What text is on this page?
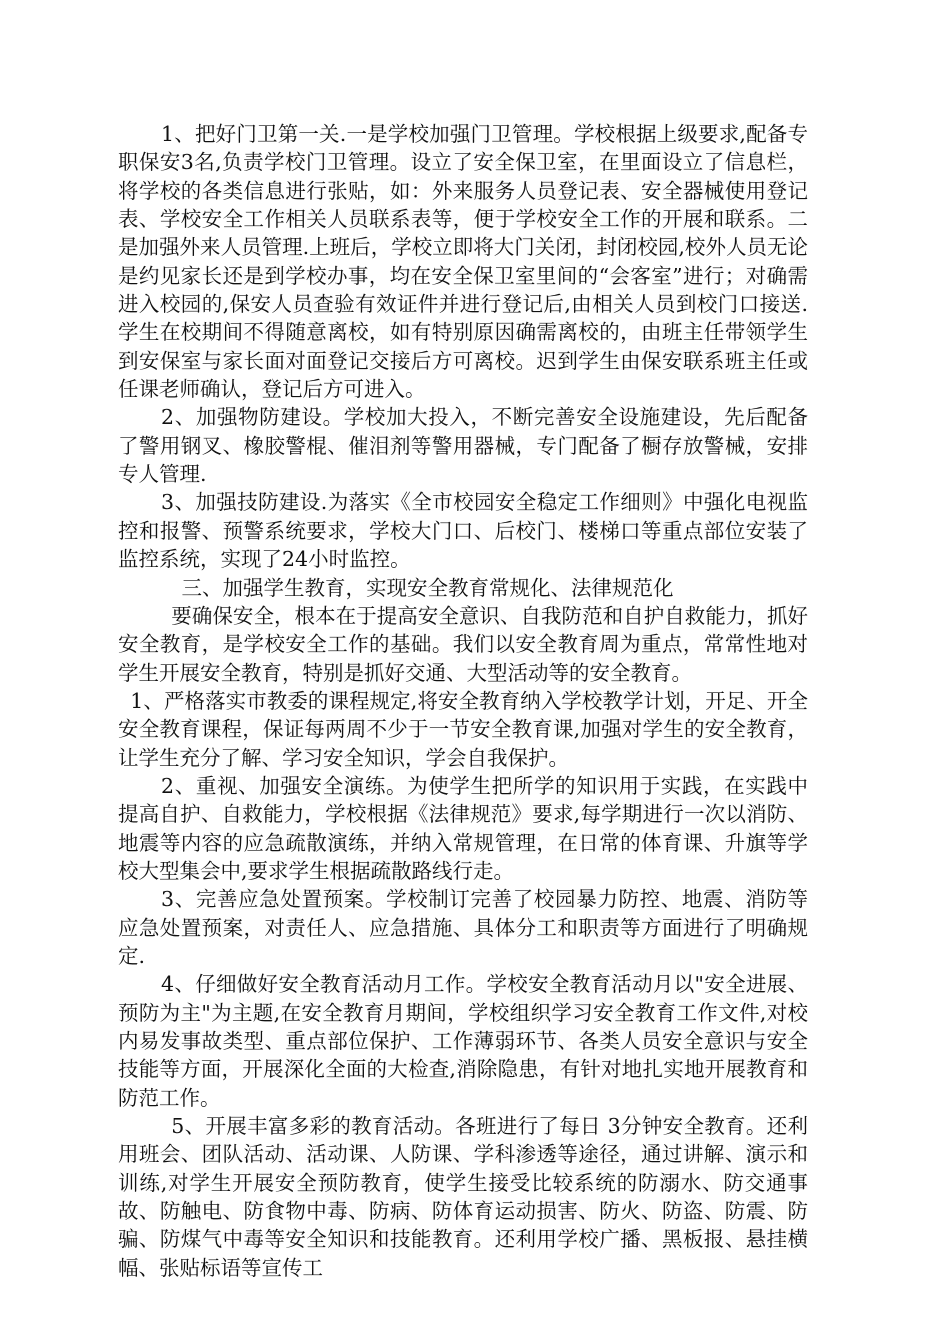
1、把好门卫第一关.一是学校加强门卫管理。学校根据上级要求,配备专职保安3名,负责学校门卫管理。设立了安全保卫室，在里面设立了信息栏，将学校的各类信息进行张贴，如：外来服务人员登记表、安全器械使用登记表、学校安全工作相关人员联系表等，便于学校安全工作的开展和联系。二是加强外来人员管理.上班后，学校立即将大门关闭，封闭校园,校外人员无论是约见家长还是到学校办事，均在安全保卫室里间的“会客室”进行；对确需进入校园的,保安人员查验有效证件并进行登记后,由相关人员到校门口接送.学生在校期间不得随意离校，如有特别原因确需离校的，由班主任带领学生到安保室与家长面对面登记交接后方可离校。迟到学生由保安联系班主任或任课老师确认，登记后方可进入。

2、加强物防建设。学校加大投入，不断完善安全设施建设，先后配备了警用钢叉、橡胶警棍、催泪剂等警用器械，专门配备了橱存放警械，安排专人管理.

3、加强技防建设.为落实《全市校园安全稳定工作细则》中强化电视监控和报警、预警系统要求，学校大门口、后校门、楼梯口等重点部位安装了监控系统，实现了24小时监控。

三、加强学生教育，实现安全教育常规化、法律规范化

要确保安全，根本在于提高安全意识、自我防范和自护自救能力，抓好安全教育，是学校安全工作的基础。我们以安全教育周为重点，常常性地对学生开展安全教育，特别是抓好交通、大型活动等的安全教育。

1、严格落实市教委的课程规定,将安全教育纳入学校教学计划，开足、开全安全教育课程，保证每两周不少于一节安全教育课,加强对学生的安全教育，让学生充分了解、学习安全知识，学会自我保护。

2、重视、加强安全演练。为使学生把所学的知识用于实践，在实践中提高自护、自救能力，学校根据《法律规范》要求,每学期进行一次以消防、地震等内容的应急疏散演练，并纳入常规管理，在日常的体育课、升旗等学校大型集会中,要求学生根据疏散路线行走。

3、完善应急处置预案。学校制订完善了校园暴力防控、地震、消防等应急处置预案，对责任人、应急措施、具体分工和职责等方面进行了明确规定.

4、仔细做好安全教育活动月工作。学校安全教育活动月以"安全进展、预防为主"为主题,在安全教育月期间，学校组织学习安全教育工作文件,对校内易发事故类型、重点部位保护、工作薄弱环节、各类人员安全意识与安全技能等方面，开展深化全面的大检查,消除隐患，有针对地扎实地开展教育和防范工作。

5、开展丰富多彩的教育活动。各班进行了每日 3分钟安全教育。还利用班会、团队活动、活动课、人防课、学科渗透等途径，通过讲解、演示和训练,对学生开展安全预防教育，使学生接受比较系统的防溺水、防交通事故、防触电、防食物中毒、防病、防体育运动损害、防火、防盗、防震、防骗、防煤气中毒等安全知识和技能教育。还利用学校广播、黑板报、悬挂横幅、张贴标语等宣传工
